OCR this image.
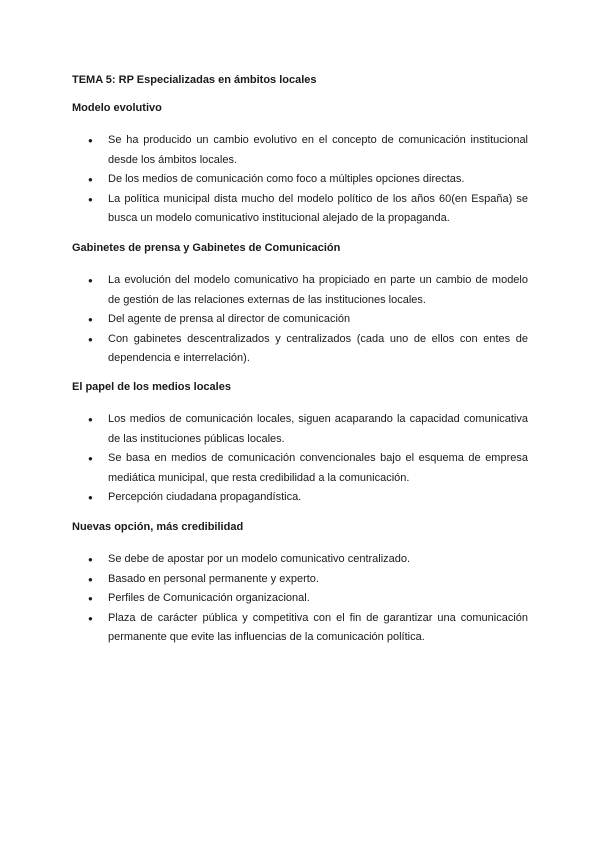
TEMA 5: RP Especializadas en ámbitos locales

Modelo evolutivo

● Se ha producido un cambio evolutivo en el concepto de comunicación institucional desde los ámbitos locales.
● De los medios de comunicación como foco a múltiples opciones directas.
● La política municipal dista mucho del modelo político de los años 60(en España) se busca un modelo comunicativo institucional alejado de la propaganda.

Gabinetes de prensa y Gabinetes de Comunicación

● La evolución del modelo comunicativo ha propiciado en parte un cambio de modelo de gestión de las relaciones externas de las instituciones locales.
● Del agente de prensa al director de comunicación
● Con gabinetes descentralizados y centralizados (cada uno de ellos con entes de dependencia e interrelación).

El papel de los medios locales

● Los medios de comunicación locales, siguen acaparando la capacidad comunicativa de las instituciones públicas locales.
● Se basa en medios de comunicación convencionales bajo el esquema de empresa mediática municipal, que resta credibilidad a la comunicación.
● Percepción ciudadana propagandística.

Nuevas opción, más credibilidad

● Se debe de apostar por un modelo comunicativo centralizado.
● Basado en personal permanente y experto.
● Perfiles de Comunicación organizacional.
● Plaza de carácter pública y competitiva con el fin de garantizar una comunicación permanente que evite las influencias de la comunicación política.
